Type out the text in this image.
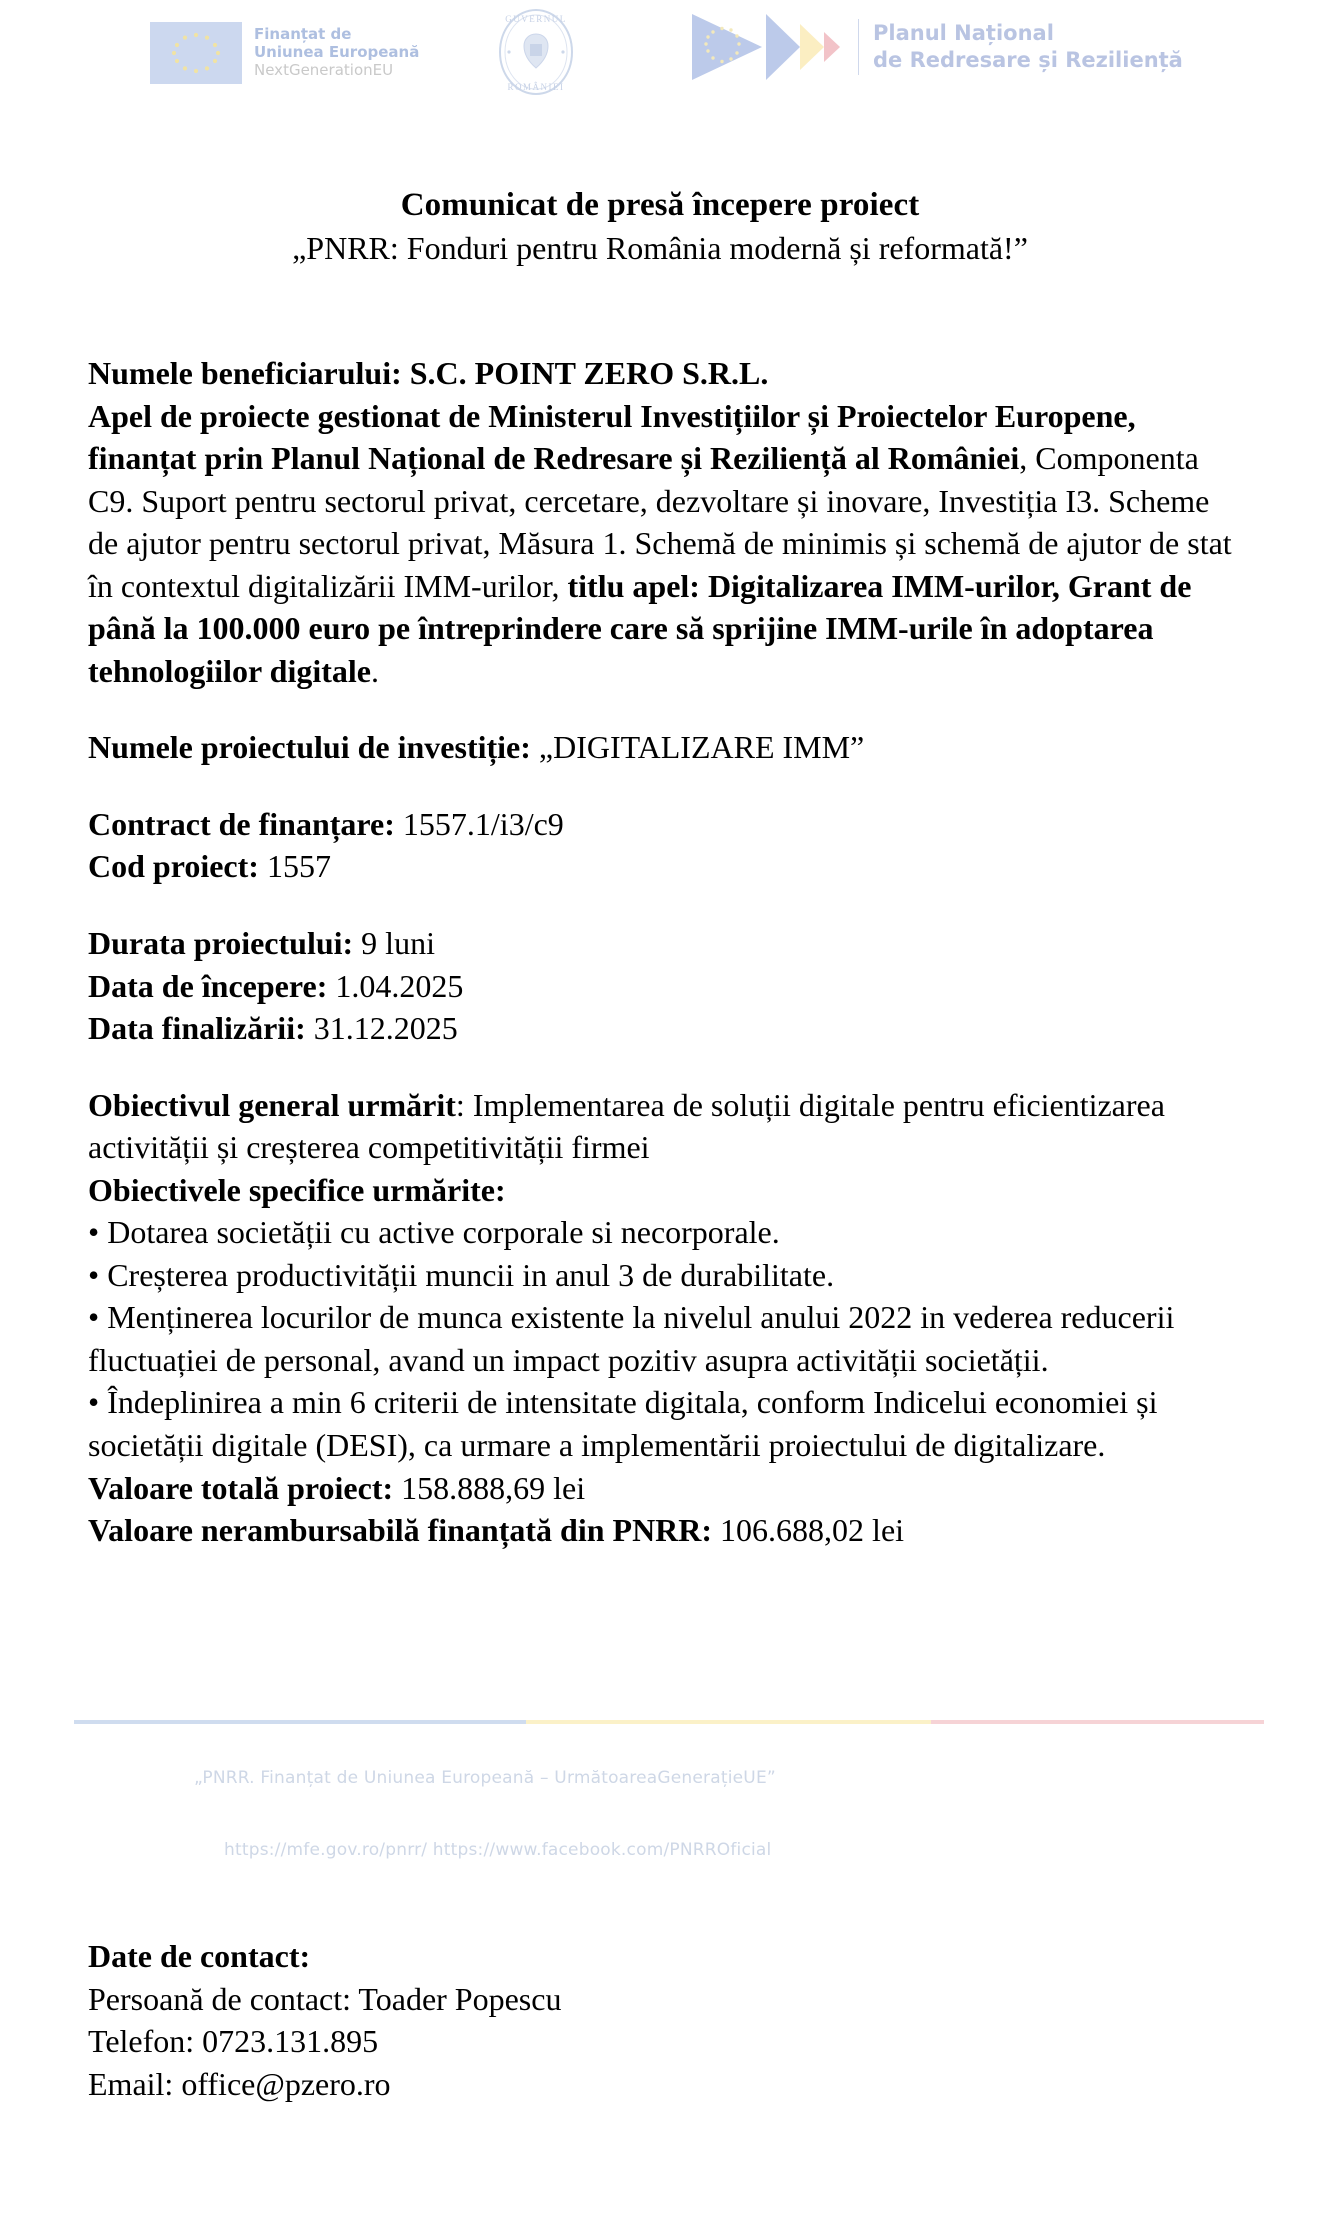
Finanțat de
Uniunea Europeană
NextGenerationEU
GUVERNUL
ROMÂNIEI
Planul Național
de Redresare și Reziliență
Comunicat de presă începere proiect
„PNRR: Fonduri pentru România modernă și reformată!”
Numele beneficiarului: S.C. POINT ZERO S.R.L.
Apel de proiecte gestionat de Ministerul Investițiilor și Proiectelor Europene, finanțat prin Planul Național de Redresare și Reziliență al României, Componenta C9. Suport pentru sectorul privat, cercetare, dezvoltare și inovare, Investiția I3. Scheme de ajutor pentru sectorul privat, Măsura 1. Schemă de minimis și schemă de ajutor de stat în contextul digitalizării IMM-urilor, titlu apel: Digitalizarea IMM-urilor, Grant de până la 100.000 euro pe întreprindere care să sprijine IMM-urile în adoptarea tehnologiilor digitale.
Numele proiectului de investiție: „DIGITALIZARE IMM”
Contract de finanțare: 1557.1/i3/c9
Cod proiect: 1557
Durata proiectului: 9 luni
Data de începere: 1.04.2025
Data finalizării: 31.12.2025
Obiectivul general urmărit: Implementarea de soluții digitale pentru eficientizarea activității și creșterea competitivității firmei
Obiectivele specifice urmărite:
• Dotarea societății cu active corporale si necorporale.
• Creșterea productivității muncii in anul 3 de durabilitate.
• Menținerea locurilor de munca existente la nivelul anului 2022 in vederea reducerii fluctuației de personal, avand un impact pozitiv asupra activității societății.
• Îndeplinirea a min 6 criterii de intensitate digitala, conform Indicelui economiei și societății digitale (DESI), ca urmare a implementării proiectului de digitalizare.
Valoare totală proiect: 158.888,69 lei
Valoare nerambursabilă finanțată din PNRR: 106.688,02 lei
„PNRR. Finanțat de Uniunea Europeană – UrmătoareaGenerațieUE”
https://mfe.gov.ro/pnrr/ https://www.facebook.com/PNRROficial
Date de contact:
Persoană de contact: Toader Popescu
Telefon: 0723.131.895
Email: office@pzero.ro
